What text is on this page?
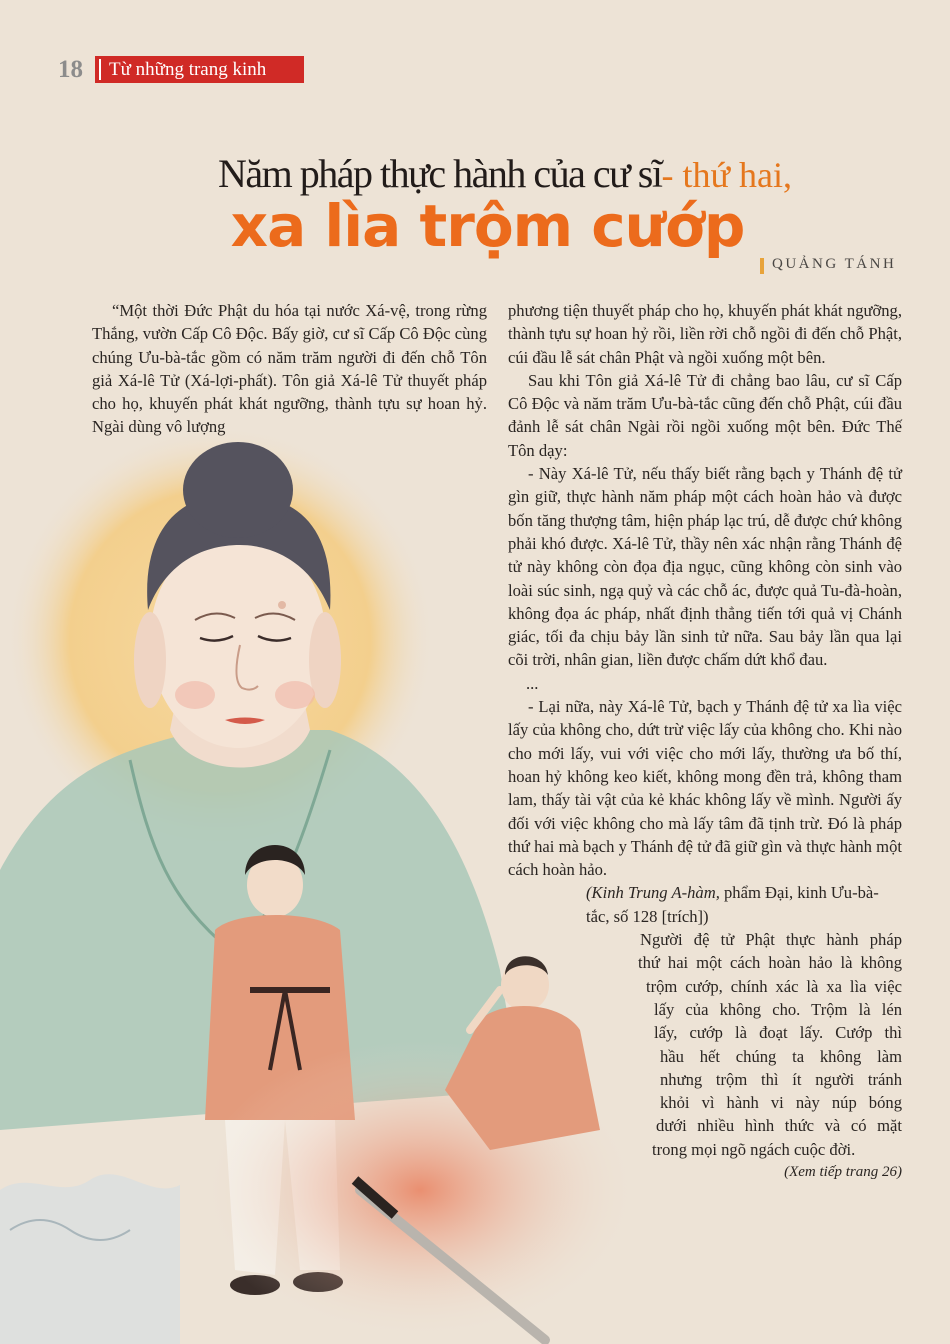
18	Từ những trang kinh
Năm pháp thực hành của cư sĩ- thứ hai,
xa lìa trộm cướp
QUẢNG TÁNH

“Một thời Đức Phật du hóa tại nước Xá-vệ, trong rừng Thắng, vườn Cấp Cô Độc. Bấy giờ, cư sĩ Cấp Cô Độc cùng chúng Ưu-bà-tắc gồm có năm trăm người đi đến chỗ Tôn giả Xá-lê Tử (Xá-lợi-phất). Tôn giả Xá-lê Tử thuyết pháp cho họ, khuyến phát khát ngưỡng, thành tựu sự hoan hỷ. Ngài dùng vô lượng

phương tiện thuyết pháp cho họ, khuyến phát khát ngưỡng, thành tựu sự hoan hỷ rồi, liền rời chỗ ngồi đi đến chỗ Phật, cúi đầu lễ sát chân Phật và ngồi xuống một bên.

Sau khi Tôn giả Xá-lê Tử đi chẳng bao lâu, cư sĩ Cấp Cô Độc và năm trăm Ưu-bà-tắc cũng đến chỗ Phật, cúi đầu đảnh lễ sát chân Ngài rồi ngồi xuống một bên. Đức Thế Tôn dạy:

- Này Xá-lê Tử, nếu thấy biết rằng bạch y Thánh đệ tử gìn giữ, thực hành năm pháp một cách hoàn hảo và được bốn tăng thượng tâm, hiện pháp lạc trú, dễ được chứ không phải khó được. Xá-lê Tử, thầy nên xác nhận rằng Thánh đệ tử này không còn đọa địa ngục, cũng không còn sinh vào loài súc sinh, ngạ quỷ và các chỗ ác, được quả Tu-đà-hoàn, không đọa ác pháp, nhất định thẳng tiến tới quả vị Chánh giác, tối đa chịu bảy lần sinh tử nữa. Sau bảy lần qua lại cõi trời, nhân gian, liền được chấm dứt khổ đau.

...

- Lại nữa, này Xá-lê Tử, bạch y Thánh đệ tử xa lìa việc lấy của không cho, dứt trừ việc lấy của không cho. Khi nào cho mới lấy, vui với việc cho mới lấy, thường ưa bố thí, hoan hỷ không keo kiết, không mong đền trả, không tham lam, thấy tài vật của kẻ khác không lấy về mình. Người ấy đối với việc không cho mà lấy tâm đã tịnh trừ. Đó là pháp thứ hai mà bạch y Thánh đệ tử đã giữ gìn và thực hành một cách hoàn hảo.

(Kinh Trung A-hàm, phẩm Đại, kinh Ưu-bà-tắc, số 128 [trích])

Người đệ tử Phật thực hành pháp
thứ hai một cách hoàn hảo là không
trộm cướp, chính xác là xa lìa việc
lấy của không cho. Trộm là lén
lấy, cướp là đoạt lấy. Cướp thì
hầu hết chúng ta không làm
nhưng trộm thì ít người tránh
khỏi vì hành vi này núp bóng
dưới nhiều hình thức và có mặt
trong mọi ngõ ngách cuộc đời.

(Xem tiếp trang 26)
